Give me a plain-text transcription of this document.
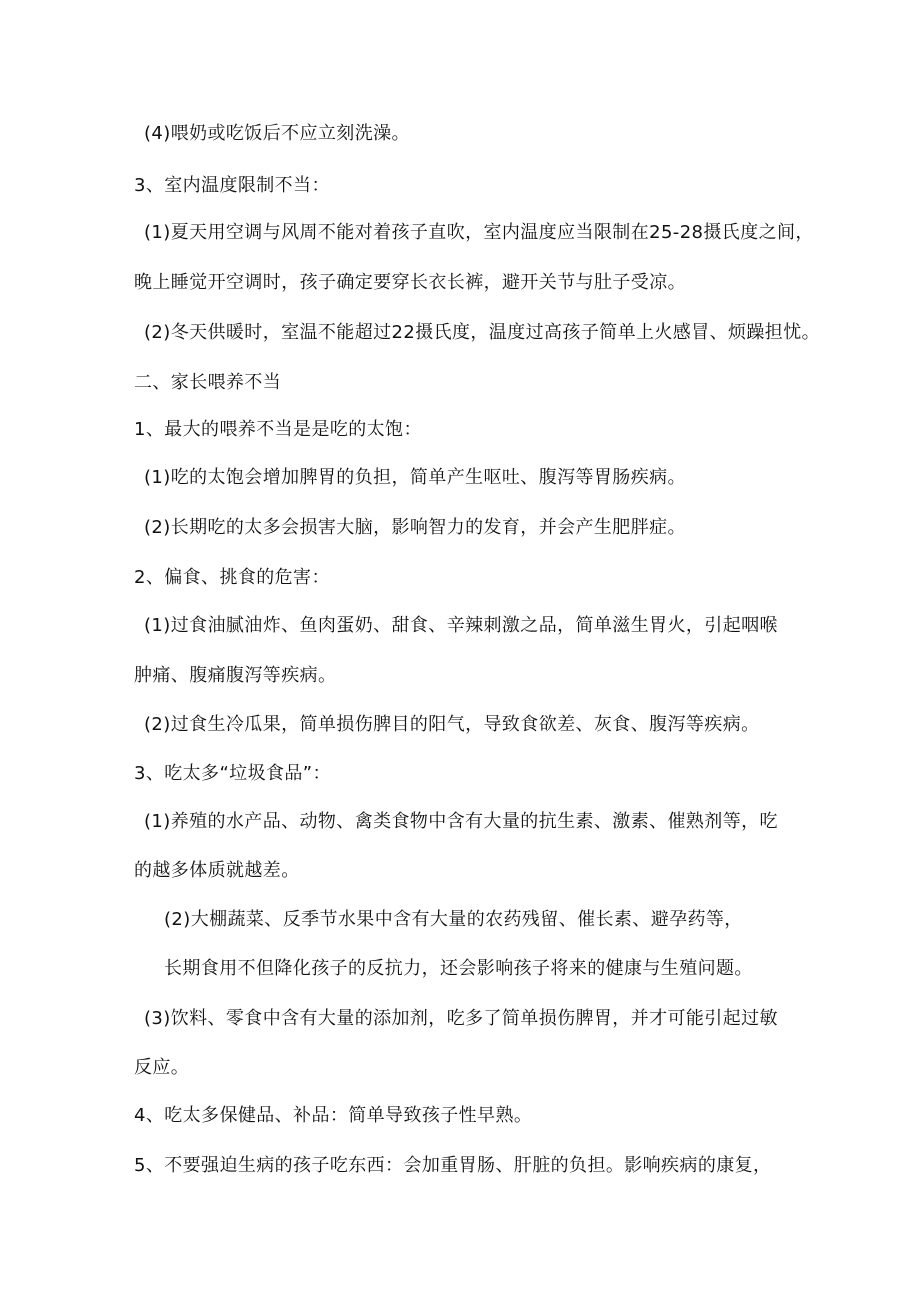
(4)喂奶或吃饭后不应立刻洗澡。
3、室内温度限制不当：
(1)夏天用空调与风周不能对着孩子直吹，室内温度应当限制在25-28摄氏度之间，
晚上睡觉开空调时，孩子确定要穿长衣长裤，避开关节与肚子受凉。
(2)冬天供暖时，室温不能超过22摄氏度，温度过高孩子简单上火感冒、烦躁担忧。
二、家长喂养不当
1、最大的喂养不当是是吃的太饱：
(1)吃的太饱会增加脾胃的负担，简单产生呕吐、腹泻等胃肠疾病。
(2)长期吃的太多会损害大脑，影响智力的发育，并会产生肥胖症。
2、偏食、挑食的危害：
(1)过食油腻油炸、鱼肉蛋奶、甜食、辛辣刺激之品，简单滋生胃火，引起咽喉
肿痛、腹痛腹泻等疾病。
(2)过食生冷瓜果，简单损伤脾目的阳气，导致食欲差、灰食、腹泻等疾病。
3、吃太多“垃圾食品”：
(1)养殖的水产品、动物、禽类食物中含有大量的抗生素、激素、催熟剂等，吃
的越多体质就越差。
(2)大棚蔬菜、反季节水果中含有大量的农药残留、催长素、避孕药等，
长期食用不但降化孩子的反抗力，还会影响孩子将来的健康与生殖问题。
(3)饮料、零食中含有大量的添加剂，吃多了简单损伤脾胃，并才可能引起过敏
反应。
4、吃太多保健品、补品：简单导致孩子性早熟。
5、不要强迫生病的孩子吃东西：会加重胃肠、肝脏的负担。影响疾病的康复，
